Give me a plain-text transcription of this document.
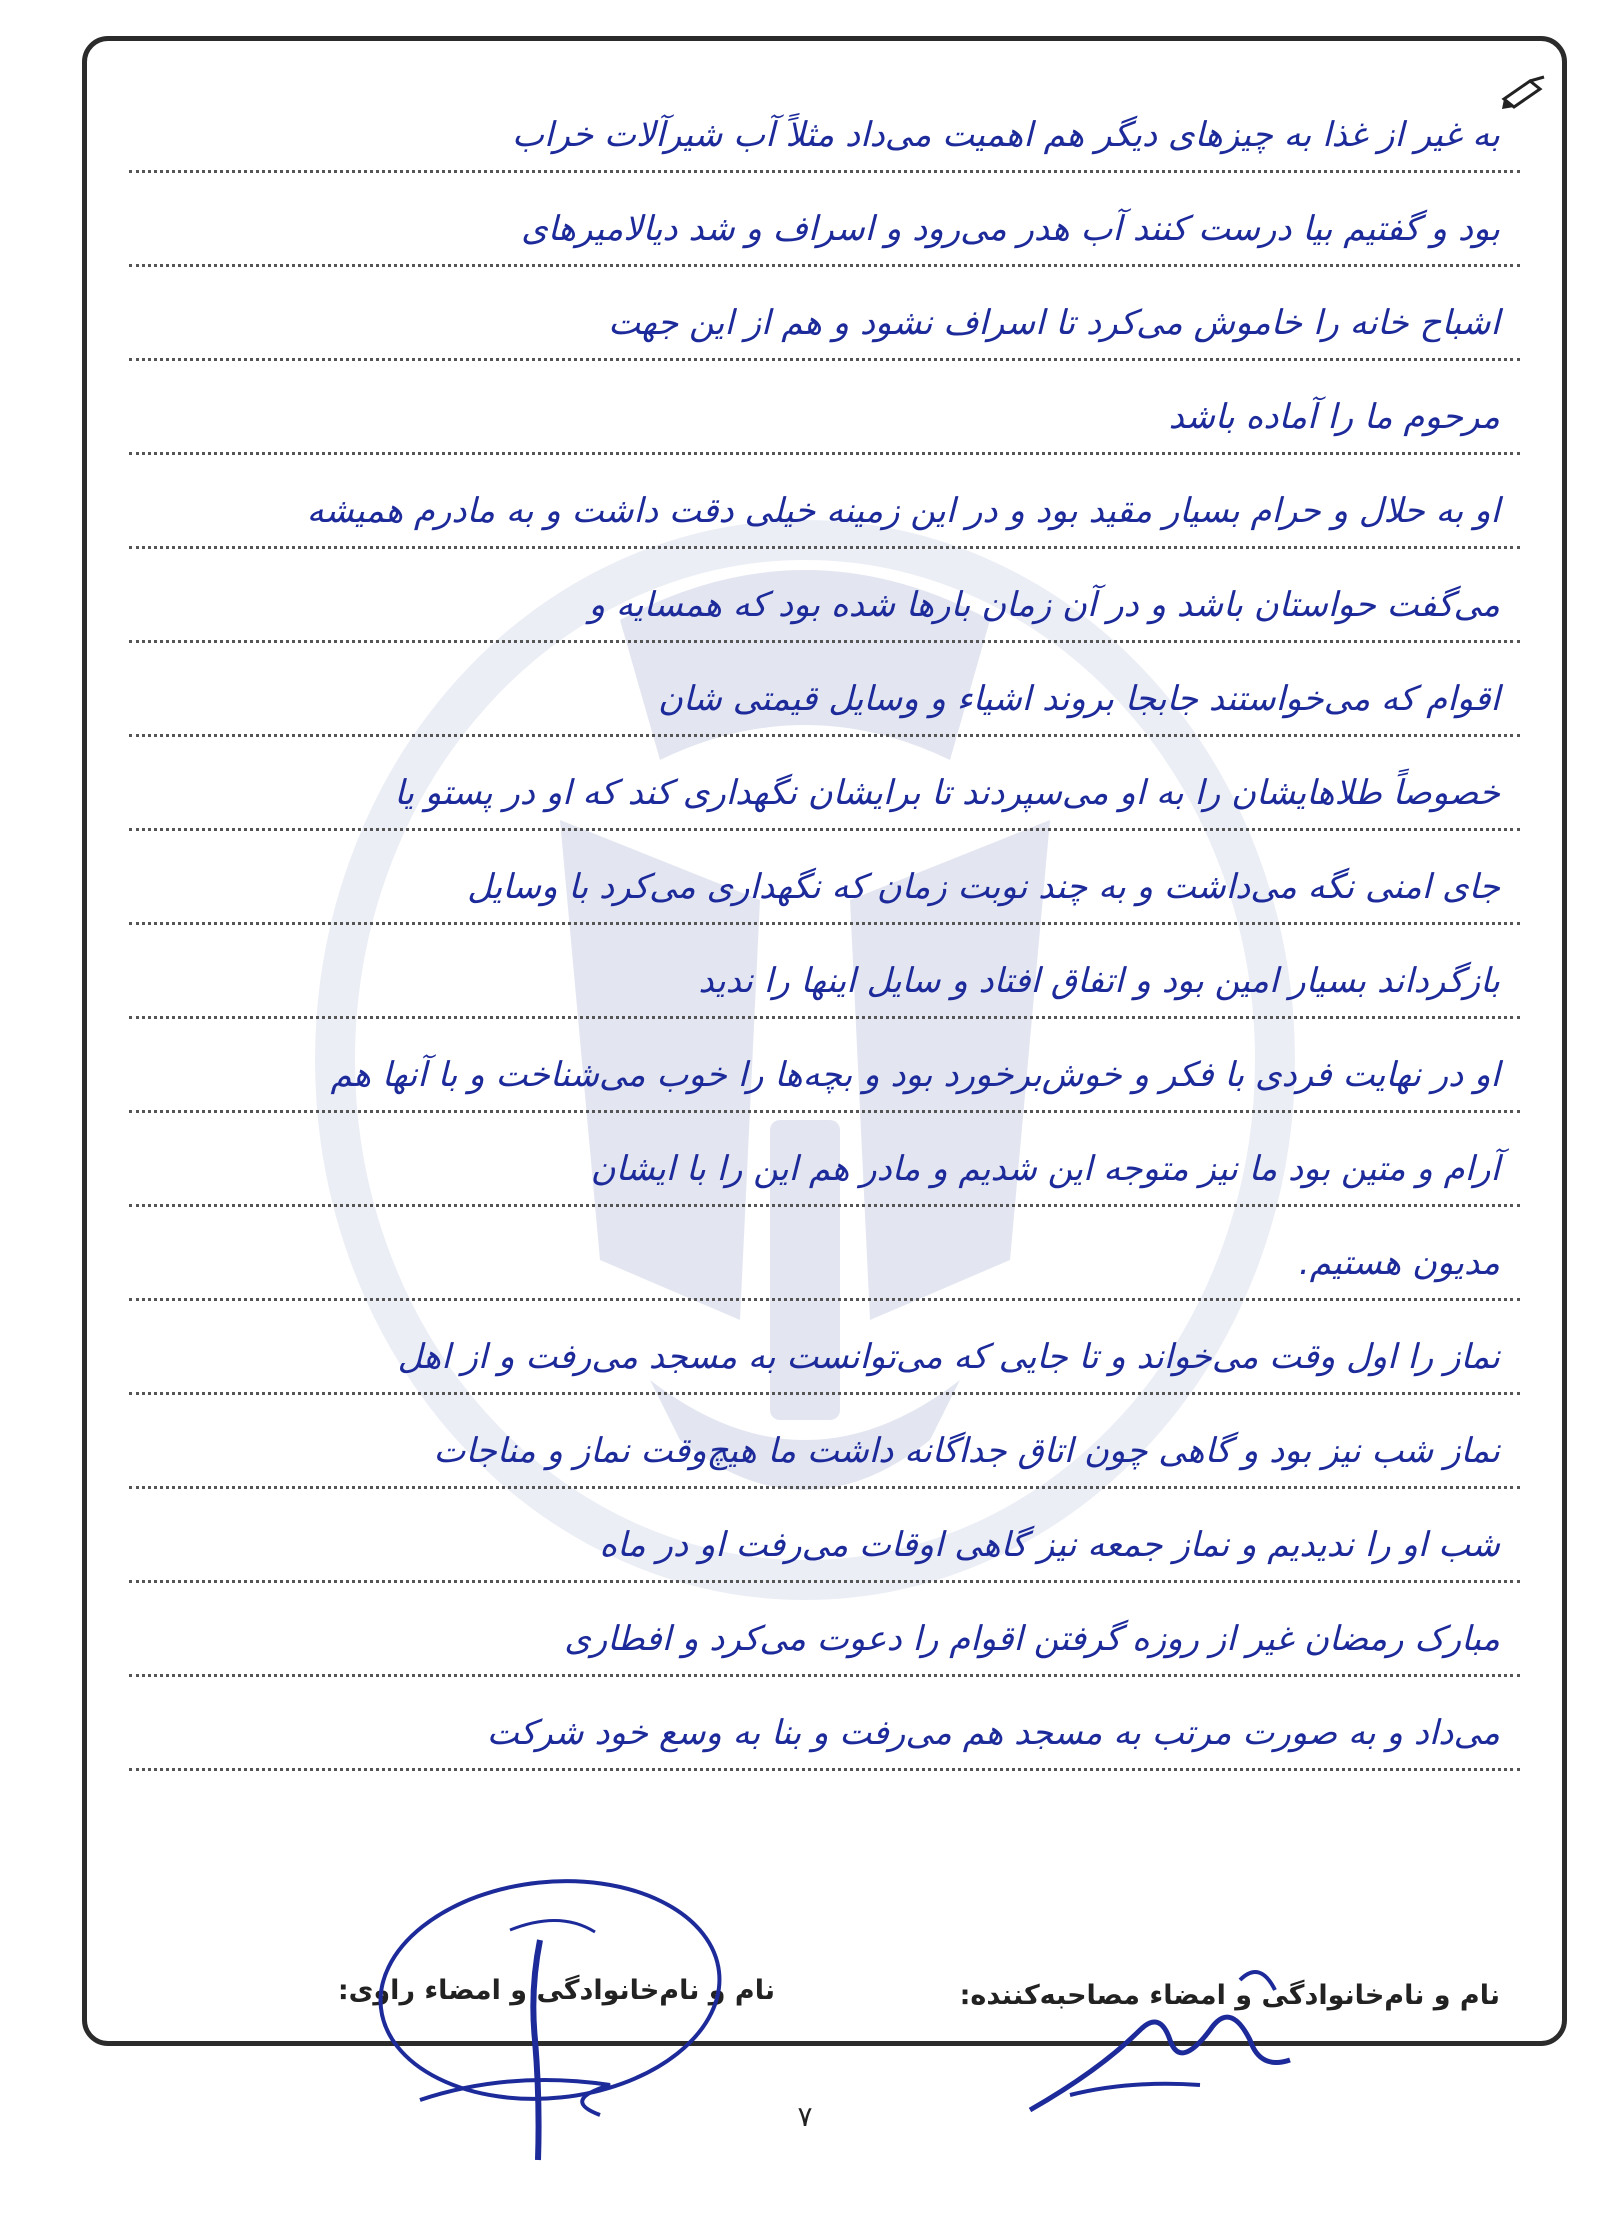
به غیر از غذا به چیزهای دیگر هم اهمیت می‌داد مثلاً آب شیرآلات خراب
بود و گفتیم بیا درست کنند آب هدر می‌رود و اسراف و شد دیالامیرهای
اشباح خانه را خاموش می‌کرد تا اسراف نشود و هم از این جهت
مرحوم ما را آماده باشد
او به حلال و حرام بسیار مقید بود و در این زمینه خیلی دقت داشت و به مادرم همیشه
می‌گفت حواستان باشد و در آن زمان بارها شده بود که همسایه و
اقوام که می‌خواستند جابجا بروند اشیاء و وسایل قیمتی شان
خصوصاً طلاهایشان را به او می‌سپردند تا برایشان نگهداری کند که او در پستو یا
جای امنی نگه می‌داشت و به چند نوبت زمان که نگهداری می‌کرد با وسایل
بازگرداند بسیار امین بود و اتفاق افتاد و سایل اینها را ندید
او در نهایت فردی با فکر و خوش‌برخورد بود و بچه‌ها را خوب می‌شناخت و با آنها هم
آرام و متین بود ما نیز متوجه این شدیم و مادر هم این را با ایشان
مدیون هستیم.
نماز را اول وقت می‌خواند و تا جایی که می‌توانست به مسجد می‌رفت و از اهل
نماز شب نیز بود و گاهی چون اتاق جداگانه داشت ما هیچ‌وقت نماز و مناجات
شب او را ندیدیم و نماز جمعه نیز گاهی اوقات می‌رفت او در ماه
مبارک رمضان غیر از روزه گرفتن اقوام را دعوت می‌کرد و افطاری
می‌داد و به صورت مرتب به مسجد هم می‌رفت و بنا به وسع خود شرکت
نام و نام‌خانوادگی و امضاء مصاحبه‌کننده:
نام و نام‌خانوادگی و امضاء راوی:
۷
